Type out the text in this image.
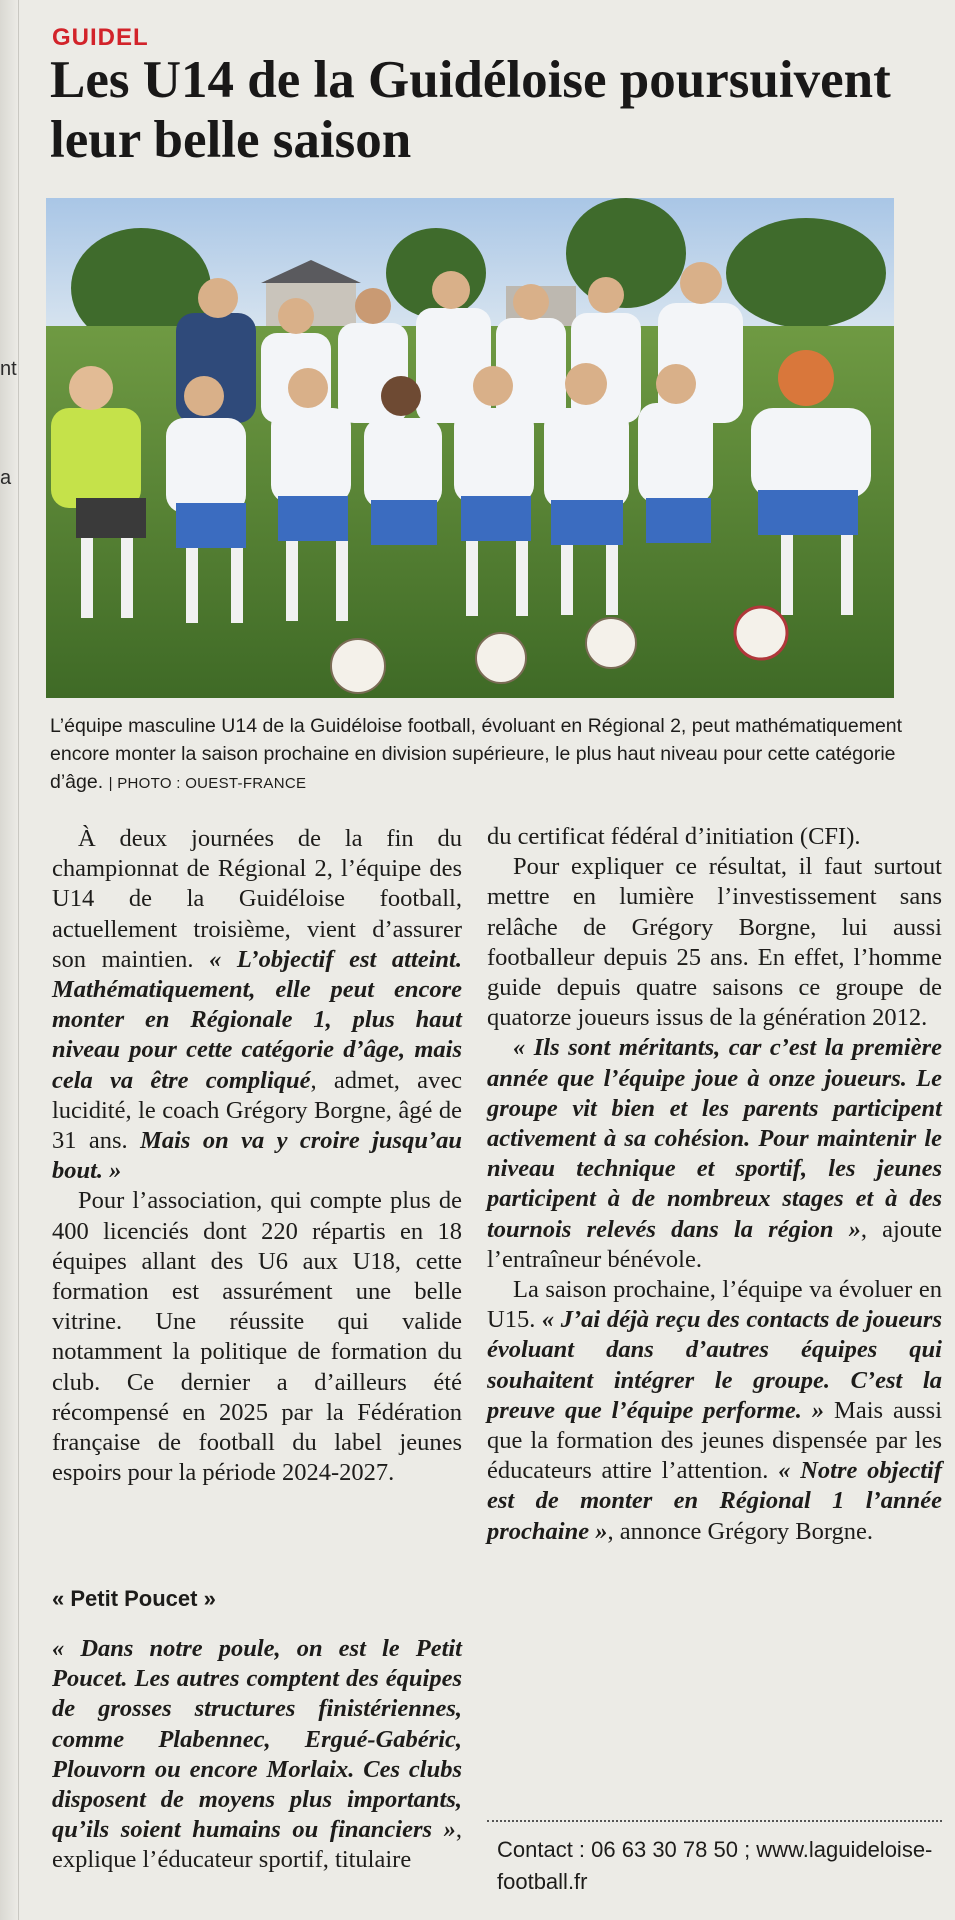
nt
a
GUIDEL
Les U14 de la Guidéloise poursuivent leur belle saison
L’équipe masculine U14 de la Guidéloise football, évoluant en Régional 2, peut mathématiquement encore monter la saison prochaine en division supérieure, le plus haut niveau pour cette catégorie d’âge. | PHOTO : OUEST-FRANCE

À deux journées de la fin du championnat de Régional 2, l’équipe des U14 de la Guidéloise football, actuellement troisième, vient d’assurer son maintien. « L’objectif est atteint. Mathématiquement, elle peut encore monter en Régionale 1, plus haut niveau pour cette catégorie d’âge, mais cela va être compliqué, admet, avec lucidité, le coach Grégory Borgne, âgé de 31 ans. Mais on va y croire jusqu’au bout. »

Pour l’association, qui compte plus de 400 licenciés dont 220 répartis en 18 équipes allant des U6 aux U18, cette formation est assurément une belle vitrine. Une réussite qui valide notamment la politique de formation du club. Ce dernier a d’ailleurs été récompensé en 2025 par la Fédération française de football du label jeunes espoirs pour la période 2024-2027.

« Petit Poucet »

« Dans notre poule, on est le Petit Poucet. Les autres comptent des équipes de grosses structures finistériennes, comme Plabennec, Ergué-Gabéric, Plouvorn ou encore Morlaix. Ces clubs disposent de moyens plus importants, qu’ils soient humains ou financiers », explique l’éducateur sportif, titulaire

du certificat fédéral d’initiation (CFI).

Pour expliquer ce résultat, il faut surtout mettre en lumière l’investissement sans relâche de Grégory Borgne, lui aussi footballeur depuis 25 ans. En effet, l’homme guide depuis quatre saisons ce groupe de quatorze joueurs issus de la génération 2012.

« Ils sont méritants, car c’est la première année que l’équipe joue à onze joueurs. Le groupe vit bien et les parents participent activement à sa cohésion. Pour maintenir le niveau technique et sportif, les jeunes participent à de nombreux stages et à des tournois relevés dans la région », ajoute l’entraîneur bénévole.

La saison prochaine, l’équipe va évoluer en U15. « J’ai déjà reçu des contacts de joueurs évoluant dans d’autres équipes qui souhaitent intégrer le groupe. C’est la preuve que l’équipe performe. » Mais aussi que la formation des jeunes dispensée par les éducateurs attire l’attention. « Notre objectif est de monter en Régional 1 l’année prochaine », annonce Grégory Borgne.

Contact : 06 63 30 78 50 ; www.laguideloise-football.fr
